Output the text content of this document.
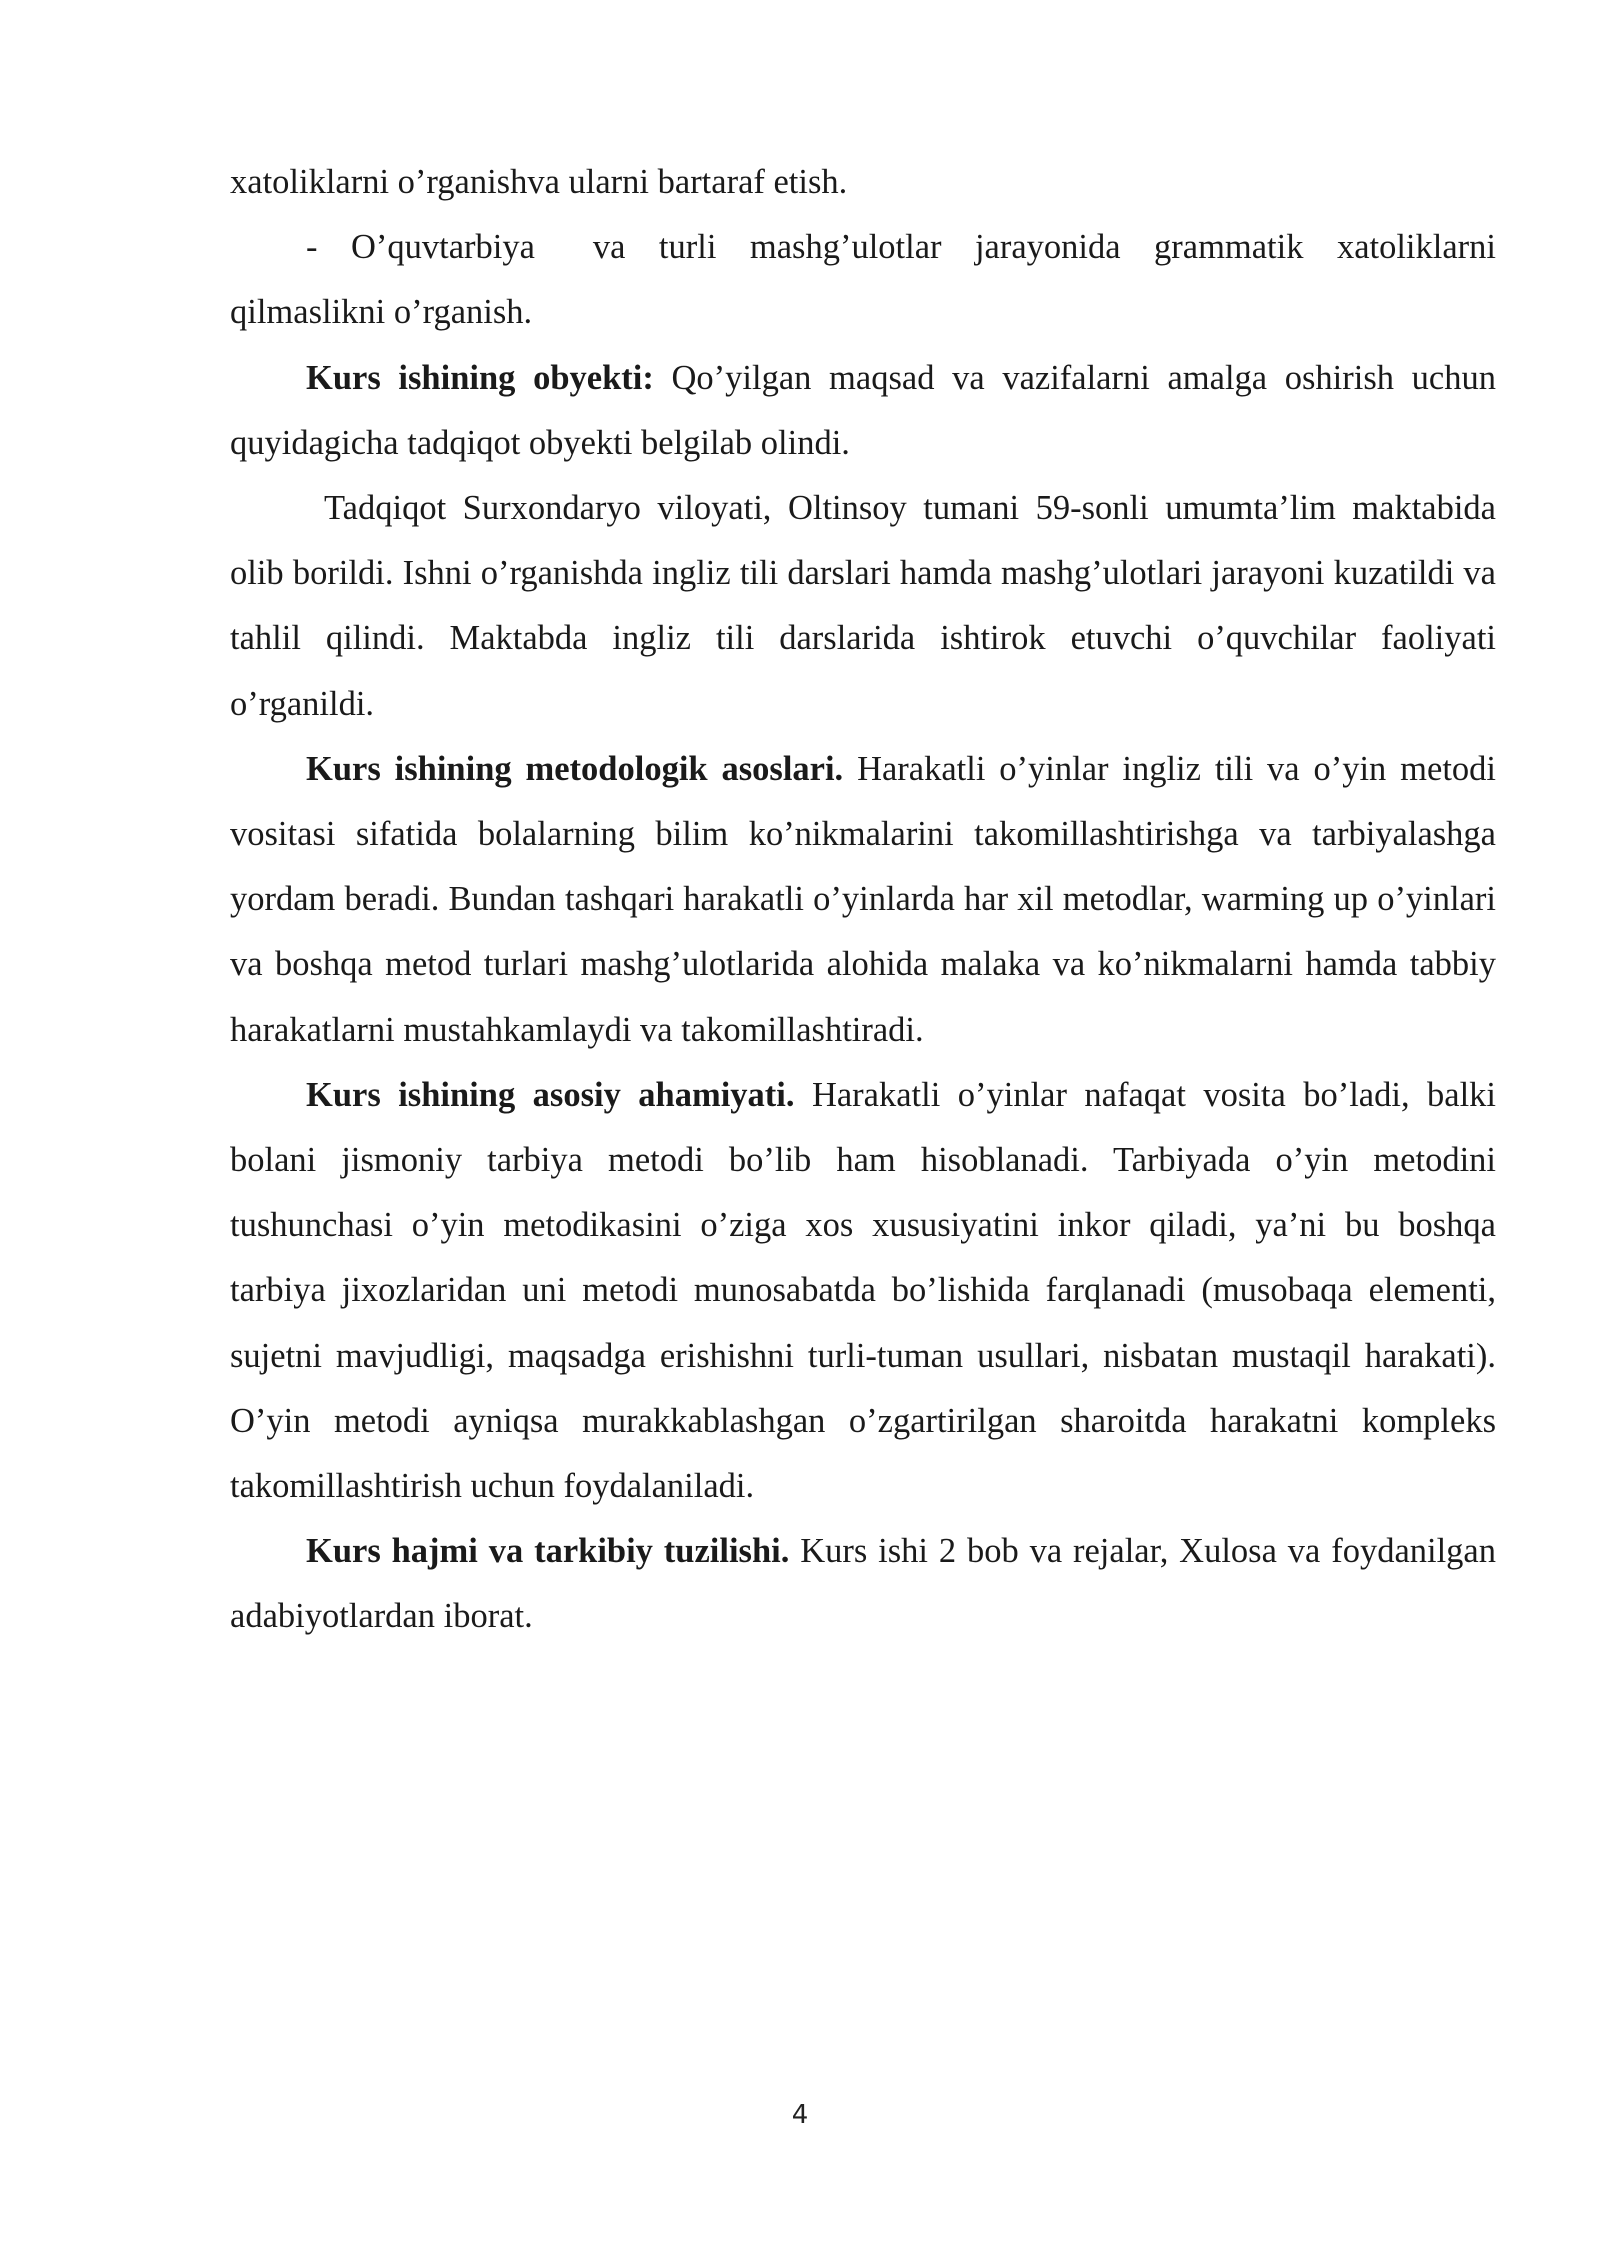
xatoliklarni o’rganishva ularni bartaraf etish.

- O’quvtarbiya va turli mashg’ulotlar jarayonida grammatik xatoliklarni qilmaslikni o’rganish.

Kurs ishining obyekti: Qo’yilgan maqsad va vazifalarni amalga oshirish uchun quyidagicha tadqiqot obyekti belgilab olindi.

Tadqiqot Surxondaryo viloyati, Oltinsoy tumani 59-sonli umumta’lim maktabida olib borildi. Ishni o’rganishda ingliz tili darslari hamda mashg’ulotlari jarayoni kuzatildi va tahlil qilindi. Maktabda ingliz tili darslarida ishtirok etuvchi o’quvchilar faoliyati o’rganildi.

Kurs ishining metodologik asoslari. Harakatli o’yinlar ingliz tili va o’yin metodi vositasi sifatida bolalarning bilim ko’nikmalarini takomillashtirishga va tarbiyalashga yordam beradi. Bundan tashqari harakatli o’yinlarda har xil metodlar, warming up o’yinlari va boshqa metod turlari mashg’ulotlarida alohida malaka va ko’nikmalarni hamda tabbiy harakatlarni mustahkamlaydi va takomillashtiradi.

Kurs ishining asosiy ahamiyati. Harakatli o’yinlar nafaqat vosita bo’ladi, balki bolani jismoniy tarbiya metodi bo’lib ham hisoblanadi. Tarbiyada o’yin metodini tushunchasi o’yin metodikasini o’ziga xos xususiyatini inkor qiladi, ya’ni bu boshqa tarbiya jixozlaridan uni metodi munosabatda bo’lishida farqlanadi (musobaqa elementi, sujetni mavjudligi, maqsadga erishishni turli-tuman usullari, nisbatan mustaqil harakati). O’yin metodi ayniqsa murakkablashgan o’zgartirilgan sharoitda harakatni kompleks takomillashtirish uchun foydalaniladi.

Kurs hajmi va tarkibiy tuzilishi. Kurs ishi 2 bob va rejalar, Xulosa va foydanilgan adabiyotlardan iborat.

4
